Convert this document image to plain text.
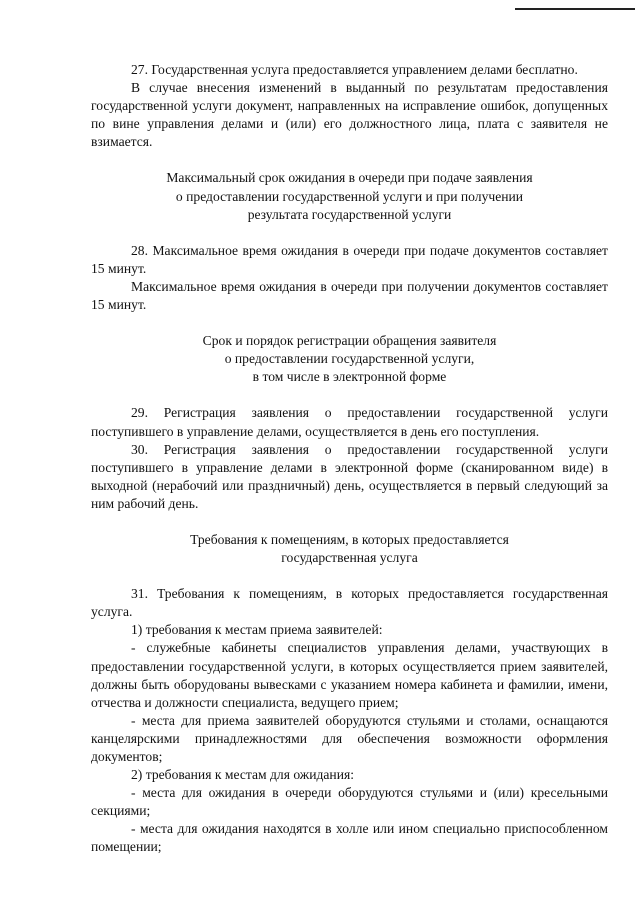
27. Государственная услуга предоставляется управлением делами бесплатно.

В случае внесения изменений в выданный по результатам предоставления государственной услуги документ, направленных на исправление ошибок, допущенных по вине управления делами и (или) его должностного лица, плата с заявителя не взимается.

Максимальный срок ожидания в очереди при подаче заявления

о предоставлении государственной услуги и при получении

результата государственной услуги

28. Максимальное время ожидания в очереди при подаче документов составляет 15 минут.

Максимальное время ожидания в очереди при получении документов составляет 15 минут.

Срок и порядок регистрации обращения заявителя

о предоставлении государственной услуги,

в том числе в электронной форме

29. Регистрация заявления о предоставлении государственной услуги поступившего в управление делами, осуществляется в день его поступления.

30. Регистрация заявления о предоставлении государственной услуги поступившего в управление делами в электронной форме (сканированном виде) в выходной (нерабочий или праздничный) день, осуществляется в первый следующий за ним рабочий день.

Требования к помещениям, в которых предоставляется

государственная услуга

31. Требования к помещениям, в которых предоставляется государственная услуга.

1) требования к местам приема заявителей:

- служебные кабинеты специалистов управления делами, участвующих в предоставлении государственной услуги, в которых осуществляется прием заявителей, должны быть оборудованы вывесками с указанием номера кабинета и фамилии, имени, отчества и должности специалиста, ведущего прием;

- места для приема заявителей оборудуются стульями и столами, оснащаются канцелярскими принадлежностями для обеспечения возможности оформления документов;

2) требования к местам для ожидания:

- места для ожидания в очереди оборудуются стульями и (или) кресельными секциями;

- места для ожидания находятся в холле или ином специально приспособленном помещении;
